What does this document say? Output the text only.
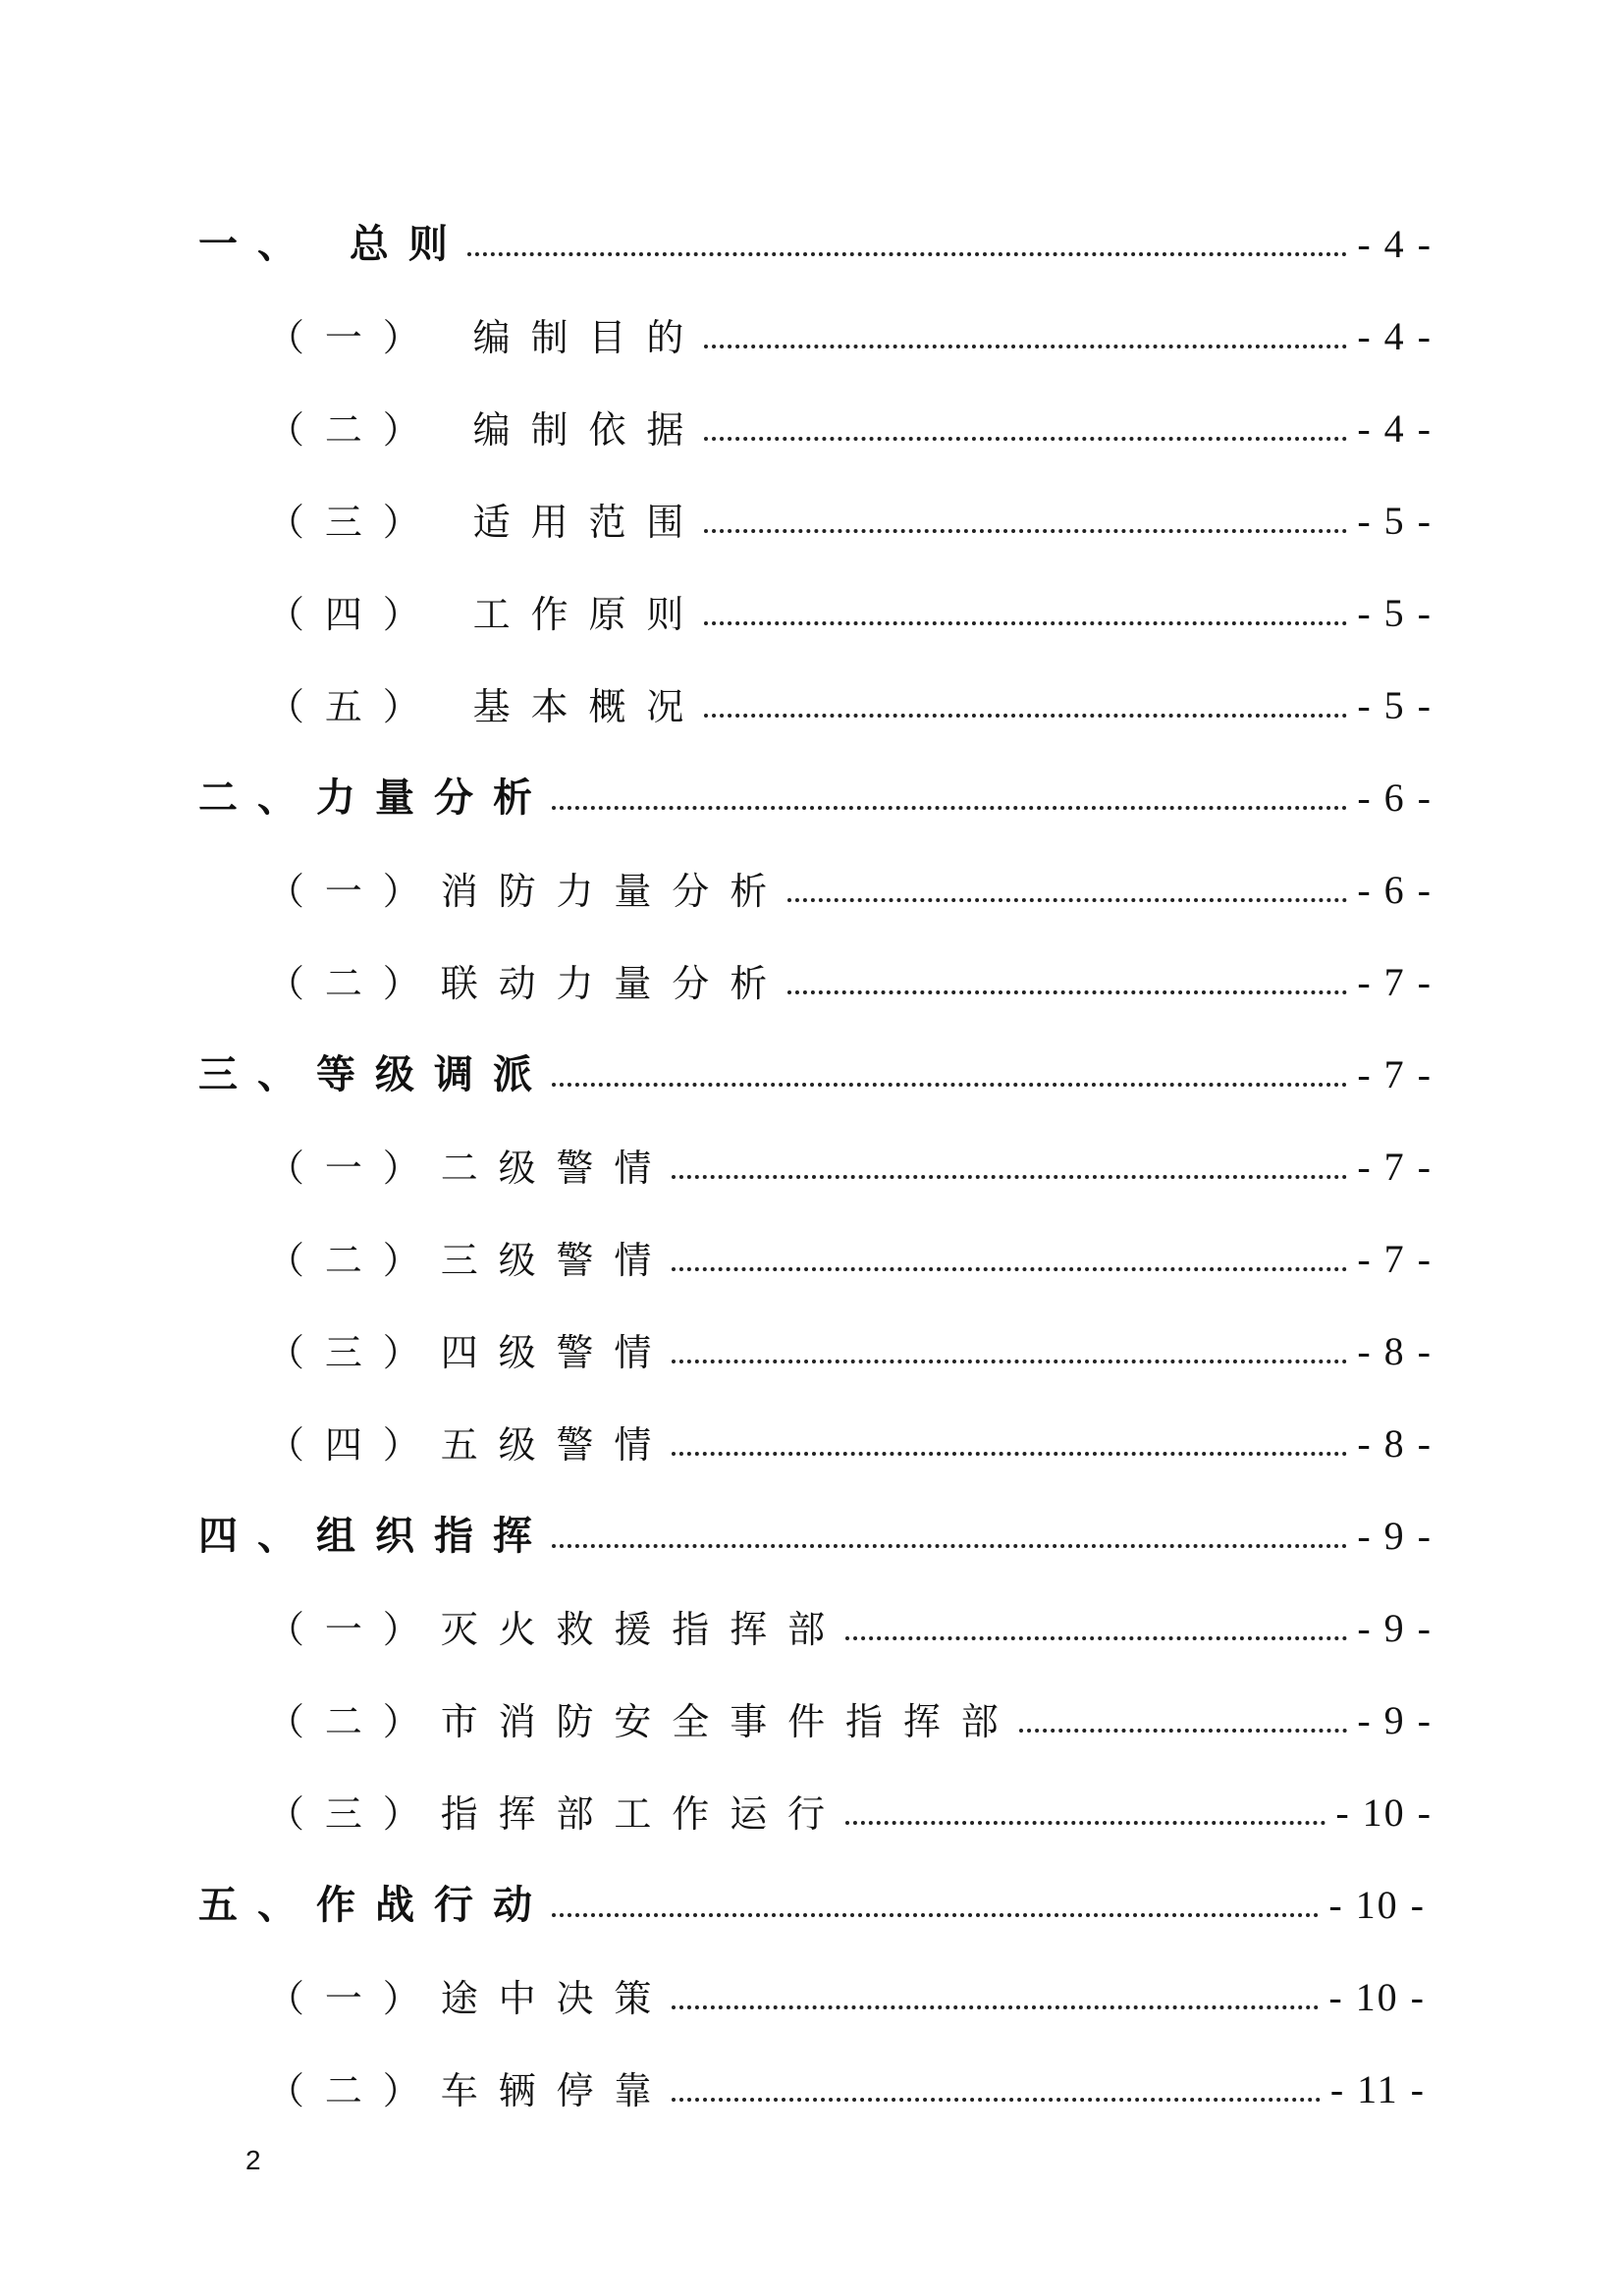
一、 总则	- 4 -
（一） 编制目的	- 4 -
（二） 编制依据	- 4 -
（三） 适用范围	- 5 -
（四） 工作原则	- 5 -
（五） 基本概况	- 5 -
二、力量分析	- 6 -
（一）消防力量分析	- 6 -
（二）联动力量分析	- 7 -
三、等级调派	- 7 -
（一）二级警情	- 7 -
（二）三级警情	- 7 -
（三）四级警情	- 8 -
（四）五级警情	- 8 -
四、组织指挥	- 9 -
（一）灭火救援指挥部	- 9 -
（二）市消防安全事件指挥部	- 9 -
（三）指挥部工作运行	- 10 -
五、作战行动	- 10 -
（一）途中决策	- 10 -
（二）车辆停靠	- 11 -
2
